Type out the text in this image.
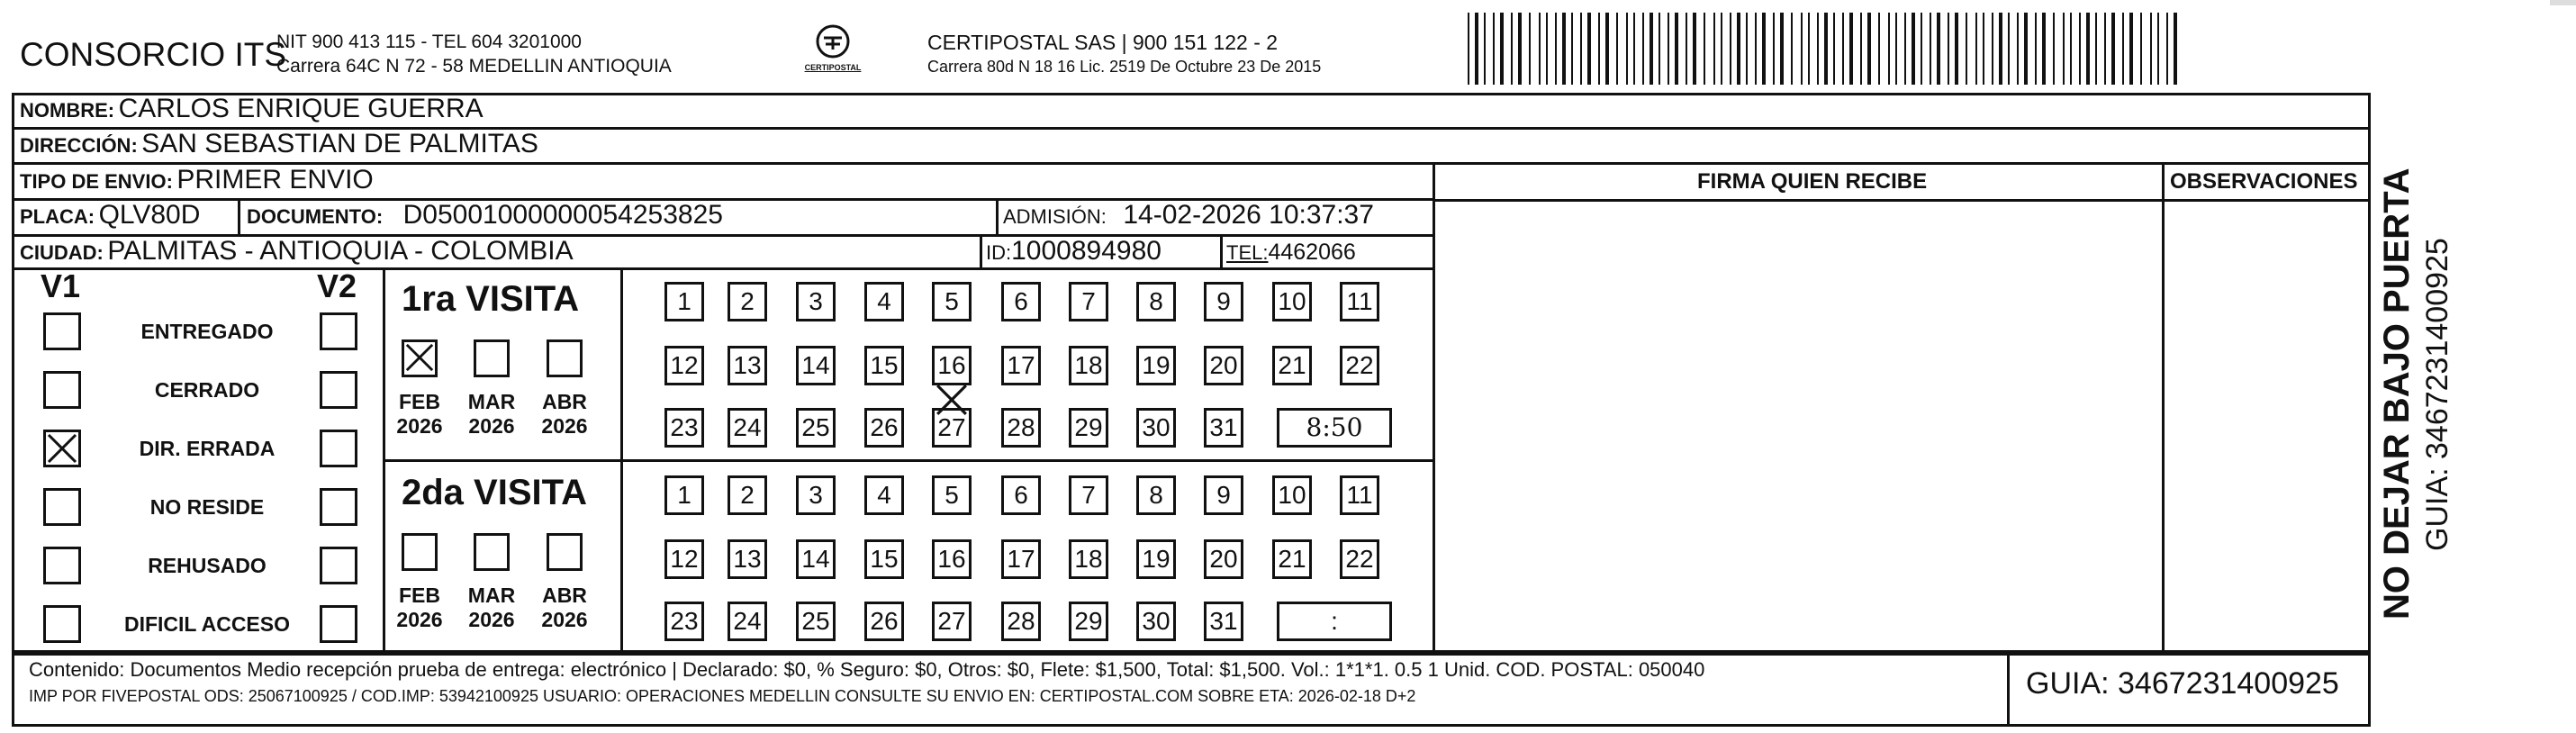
CONSORCIO ITS
NIT 900 413 115 - TEL 604 3201000
Carrera 64C N 72 - 58 MEDELLIN ANTIOQUIA	CERTIPOSTAL
CERTIPOSTAL SAS | 900 151 122 - 2
Carrera 80d N 18 16 Lic. 2519 De Octubre 23 De 2015
NOMBRE: CARLOS ENRIQUE GUERRA
DIRECCIÓN: SAN SEBASTIAN DE PALMITAS
TIPO DE ENVIO: PRIMER ENVIO	FIRMA QUIEN RECIBE	OBSERVACIONES
PLACA: QLV80D DOCUMENTO: D05001000000054253825	ADMISIÓN: 14-02-2026 10:37:37
CIUDAD: PALMITAS - ANTIOQUIA - COLOMBIA	ID:1000894980	TEL:4462066
V1	V2
ENTREGADO
CERRADO
DIR. ERRADA
NO RESIDE
REHUSADO
DIFICIL ACCESO
1ra VISITA
FEB
2026
MAR
2026
ABR
2026
1	2	3	4	5	6	7	8	9	10 11
12 13 14 15 16 17 18 19 20 21 22
23 24 25 26 27 28 29 30 31	8:50
2da VISITA
FEB
2026
MAR
2026
ABR
2026
1	2	3	4	5	6	7	8	9	10 11
12 13 14 15 16 17 18 19 20 21 22
23 24 25 26 27 28 29 30 31	:
Contenido: Documentos Medio recepción prueba de entrega: electrónico | Declarado: $0, % Seguro: $0, Otros: $0, Flete: $1,500, Total: $1,500. Vol.: 1*1*1. 0.5 1 Unid. COD. POSTAL: 050040
IMP POR FIVEPOSTAL ODS: 25067100925 / COD.IMP: 53942100925 USUARIO: OPERACIONES MEDELLIN CONSULTE SU ENVIO EN: CERTIPOSTAL.COM SOBRE ETA: 2026-02-18 D+2	GUIA: 3467231400925
NO DEJAR BAJO PUERTA GUIA: 3467231400925
